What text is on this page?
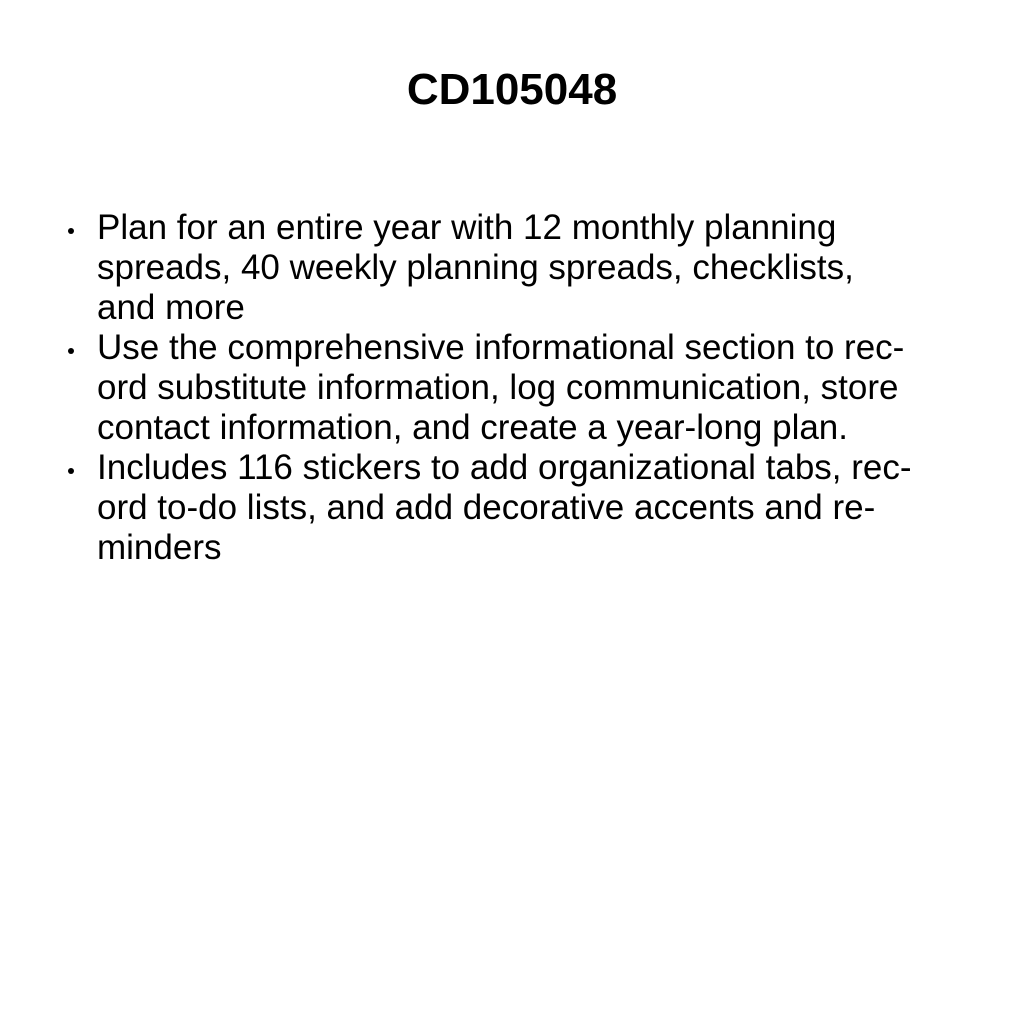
CD105048
Plan for an entire year with 12 monthly planning
spreads, 40 weekly planning spreads, checklists,
and more
Use the comprehensive informational section to rec-
ord substitute information, log communication, store
contact information, and create a year-long plan.
Includes 116 stickers to add organizational tabs, rec-
ord to-do lists, and add decorative accents and re-
minders
